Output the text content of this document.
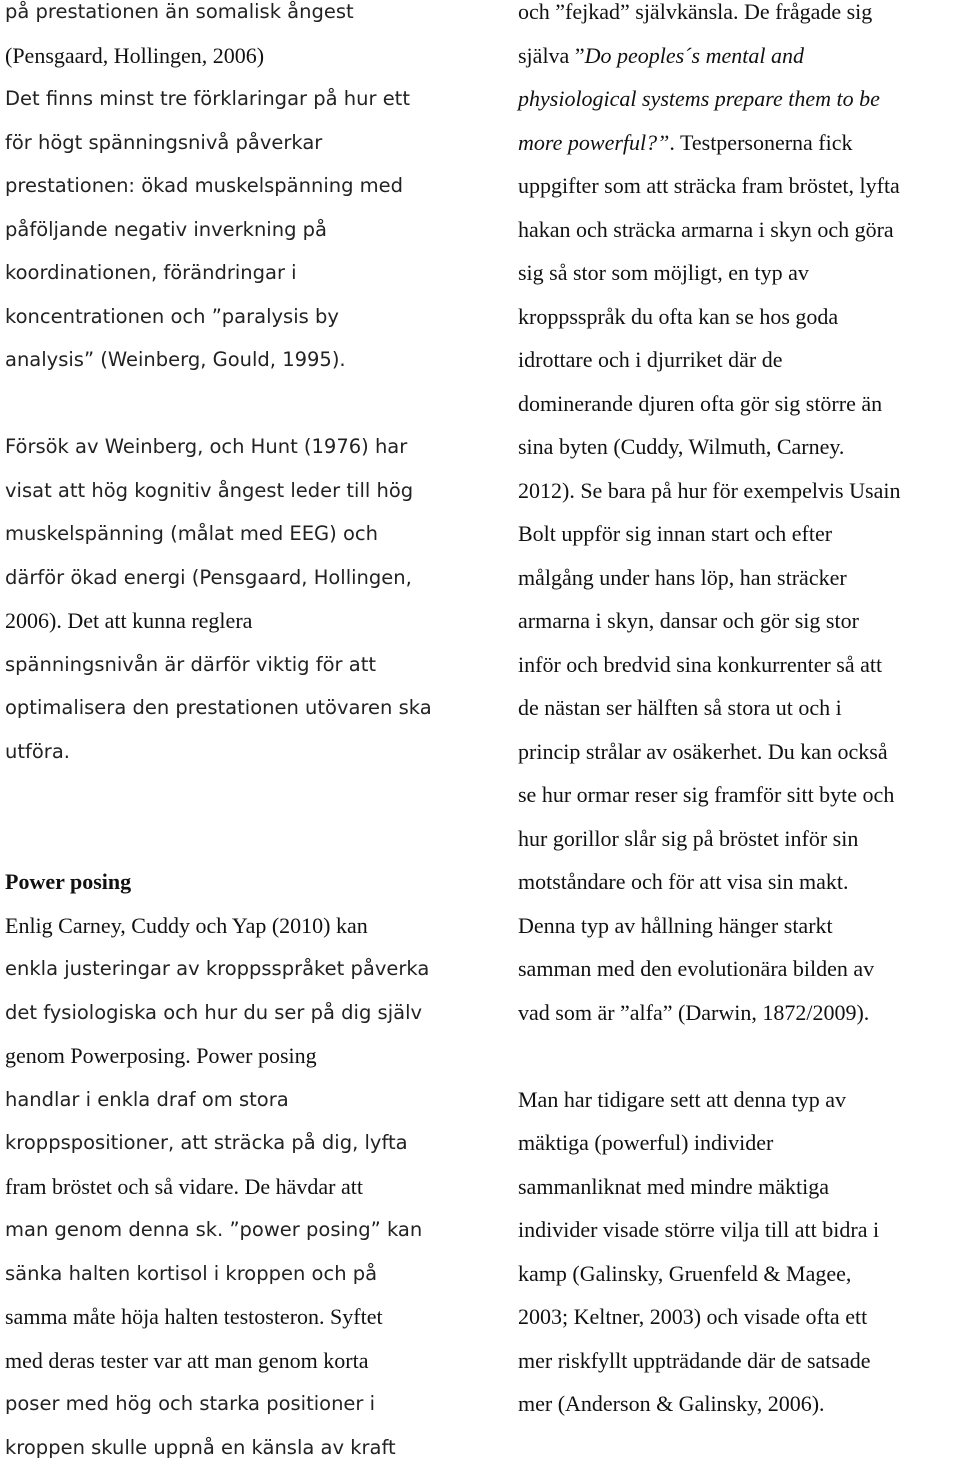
på prestationen än somalisk ångest
(Pensgaard, Hollingen, 2006)
Det finns minst tre förklaringar på hur ett
för högt spänningsnivå påverkar
prestationen: ökad muskelspänning med
påföljande negativ inverkning på
koordinationen, förändringar i
koncentrationen och ”paralysis by
analysis” (Weinberg, Gould, 1995).

Försök av Weinberg, och Hunt (1976) har
visat att hög kognitiv ångest leder till hög
muskelspänning (målat med EEG) och
därför ökad energi (Pensgaard, Hollingen,
2006). Det att kunna reglera
spänningsnivån är därför viktig för att
optimalisera den prestationen utövaren ska
utföra.

Power posing
Enlig Carney, Cuddy och Yap (2010) kan
enkla justeringar av kroppsspråket påverka
det fysiologiska och hur du ser på dig själv
genom Powerposing. Power posing
handlar i enkla draf om stora
kroppspositioner, att sträcka på dig, lyfta
fram bröstet och så vidare. De hävdar att
man genom denna sk. ”power posing” kan
sänka halten kortisol i kroppen och på
samma måte höja halten testosteron. Syftet
med deras tester var att man genom korta
poser med hög och starka positioner i
kroppen skulle uppnå en känsla av kraft
och ”fejkad” självkänsla. De frågade sig
själva ”Do peoples´s mental and
physiological systems prepare them to be
more powerful?”. Testpersonerna fick
uppgifter som att sträcka fram bröstet, lyfta
hakan och sträcka armarna i skyn och göra
sig så stor som möjligt, en typ av
kroppsspråk du ofta kan se hos goda
idrottare och i djurriket där de
dominerande djuren ofta gör sig större än
sina byten (Cuddy, Wilmuth, Carney.
2012). Se bara på hur för exempelvis Usain
Bolt uppför sig innan start och efter
målgång under hans löp, han sträcker
armarna i skyn, dansar och gör sig stor
inför och bredvid sina konkurrenter så att
de nästan ser hälften så stora ut och i
princip strålar av osäkerhet. Du kan också
se hur ormar reser sig framför sitt byte och
hur gorillor slår sig på bröstet inför sin
motståndare och för att visa sin makt.
Denna typ av hållning hänger starkt
samman med den evolutionära bilden av
vad som är ”alfa” (Darwin, 1872/2009).

Man har tidigare sett att denna typ av
mäktiga (powerful) individer
sammanliknat med mindre mäktiga
individer visade större vilja till att bidra i
kamp (Galinsky, Gruenfeld & Magee,
2003; Keltner, 2003) och visade ofta ett
mer riskfyllt uppträdande där de satsade
mer (Anderson & Galinsky, 2006).
